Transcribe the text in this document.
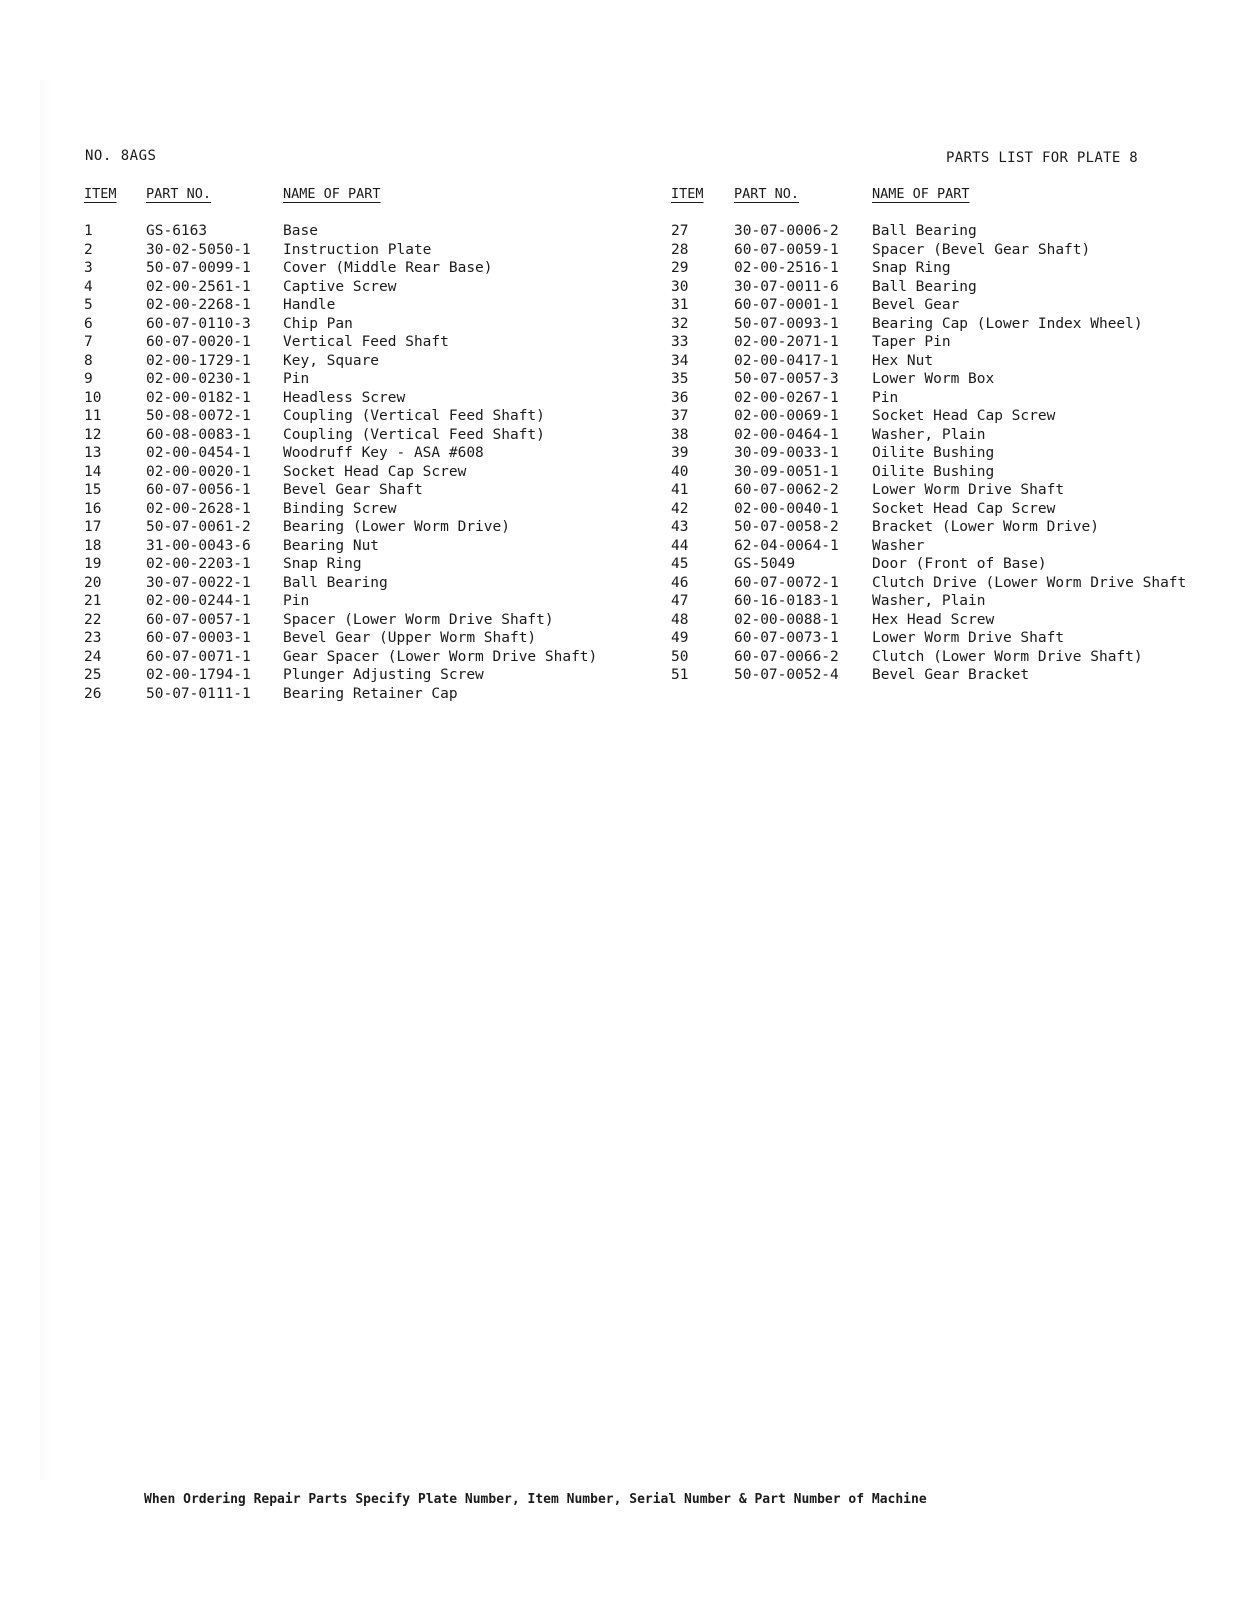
NO. 8AGS	PARTS LIST FOR PLATE 8
ITEM	PART NO.	NAME OF PART
1	GS-6163	Base
2	30-02-5050-1	Instruction Plate
3	50-07-0099-1	Cover (Middle Rear Base)
4	02-00-2561-1	Captive Screw
5	02-00-2268-1	Handle
6	60-07-0110-3	Chip Pan
7	60-07-0020-1	Vertical Feed Shaft
8	02-00-1729-1	Key, Square
9	02-00-0230-1	Pin
10	02-00-0182-1	Headless Screw
11	50-08-0072-1	Coupling (Vertical Feed Shaft)
12	60-08-0083-1	Coupling (Vertical Feed Shaft)
13	02-00-0454-1	Woodruff Key - ASA #608
14	02-00-0020-1	Socket Head Cap Screw
15	60-07-0056-1	Bevel Gear Shaft
16	02-00-2628-1	Binding Screw
17	50-07-0061-2	Bearing (Lower Worm Drive)
18	31-00-0043-6	Bearing Nut
19	02-00-2203-1	Snap Ring
20	30-07-0022-1	Ball Bearing
21	02-00-0244-1	Pin
22	60-07-0057-1	Spacer (Lower Worm Drive Shaft)
23	60-07-0003-1	Bevel Gear (Upper Worm Shaft)
24	60-07-0071-1	Gear Spacer (Lower Worm Drive Shaft)
25	02-00-1794-1	Plunger Adjusting Screw
26	50-07-0111-1	Bearing Retainer Cap
ITEM	PART NO.	NAME OF PART
27	30-07-0006-2	Ball Bearing
28	60-07-0059-1	Spacer (Bevel Gear Shaft)
29	02-00-2516-1	Snap Ring
30	30-07-0011-6	Ball Bearing
31	60-07-0001-1	Bevel Gear
32	50-07-0093-1	Bearing Cap (Lower Index Wheel)
33	02-00-2071-1	Taper Pin
34	02-00-0417-1	Hex Nut
35	50-07-0057-3	Lower Worm Box
36	02-00-0267-1	Pin
37	02-00-0069-1	Socket Head Cap Screw
38	02-00-0464-1	Washer, Plain
39	30-09-0033-1	Oilite Bushing
40	30-09-0051-1	Oilite Bushing
41	60-07-0062-2	Lower Worm Drive Shaft
42	02-00-0040-1	Socket Head Cap Screw
43	50-07-0058-2	Bracket (Lower Worm Drive)
44	62-04-0064-1	Washer
45	GS-5049	Door (Front of Base)
46	60-07-0072-1	Clutch Drive (Lower Worm Drive Shaft
47	60-16-0183-1	Washer, Plain
48	02-00-0088-1	Hex Head Screw
49	60-07-0073-1	Lower Worm Drive Shaft
50	60-07-0066-2	Clutch (Lower Worm Drive Shaft)
51	50-07-0052-4	Bevel Gear Bracket
When Ordering Repair Parts Specify Plate Number, Item Number, Serial Number & Part Number of Machine
